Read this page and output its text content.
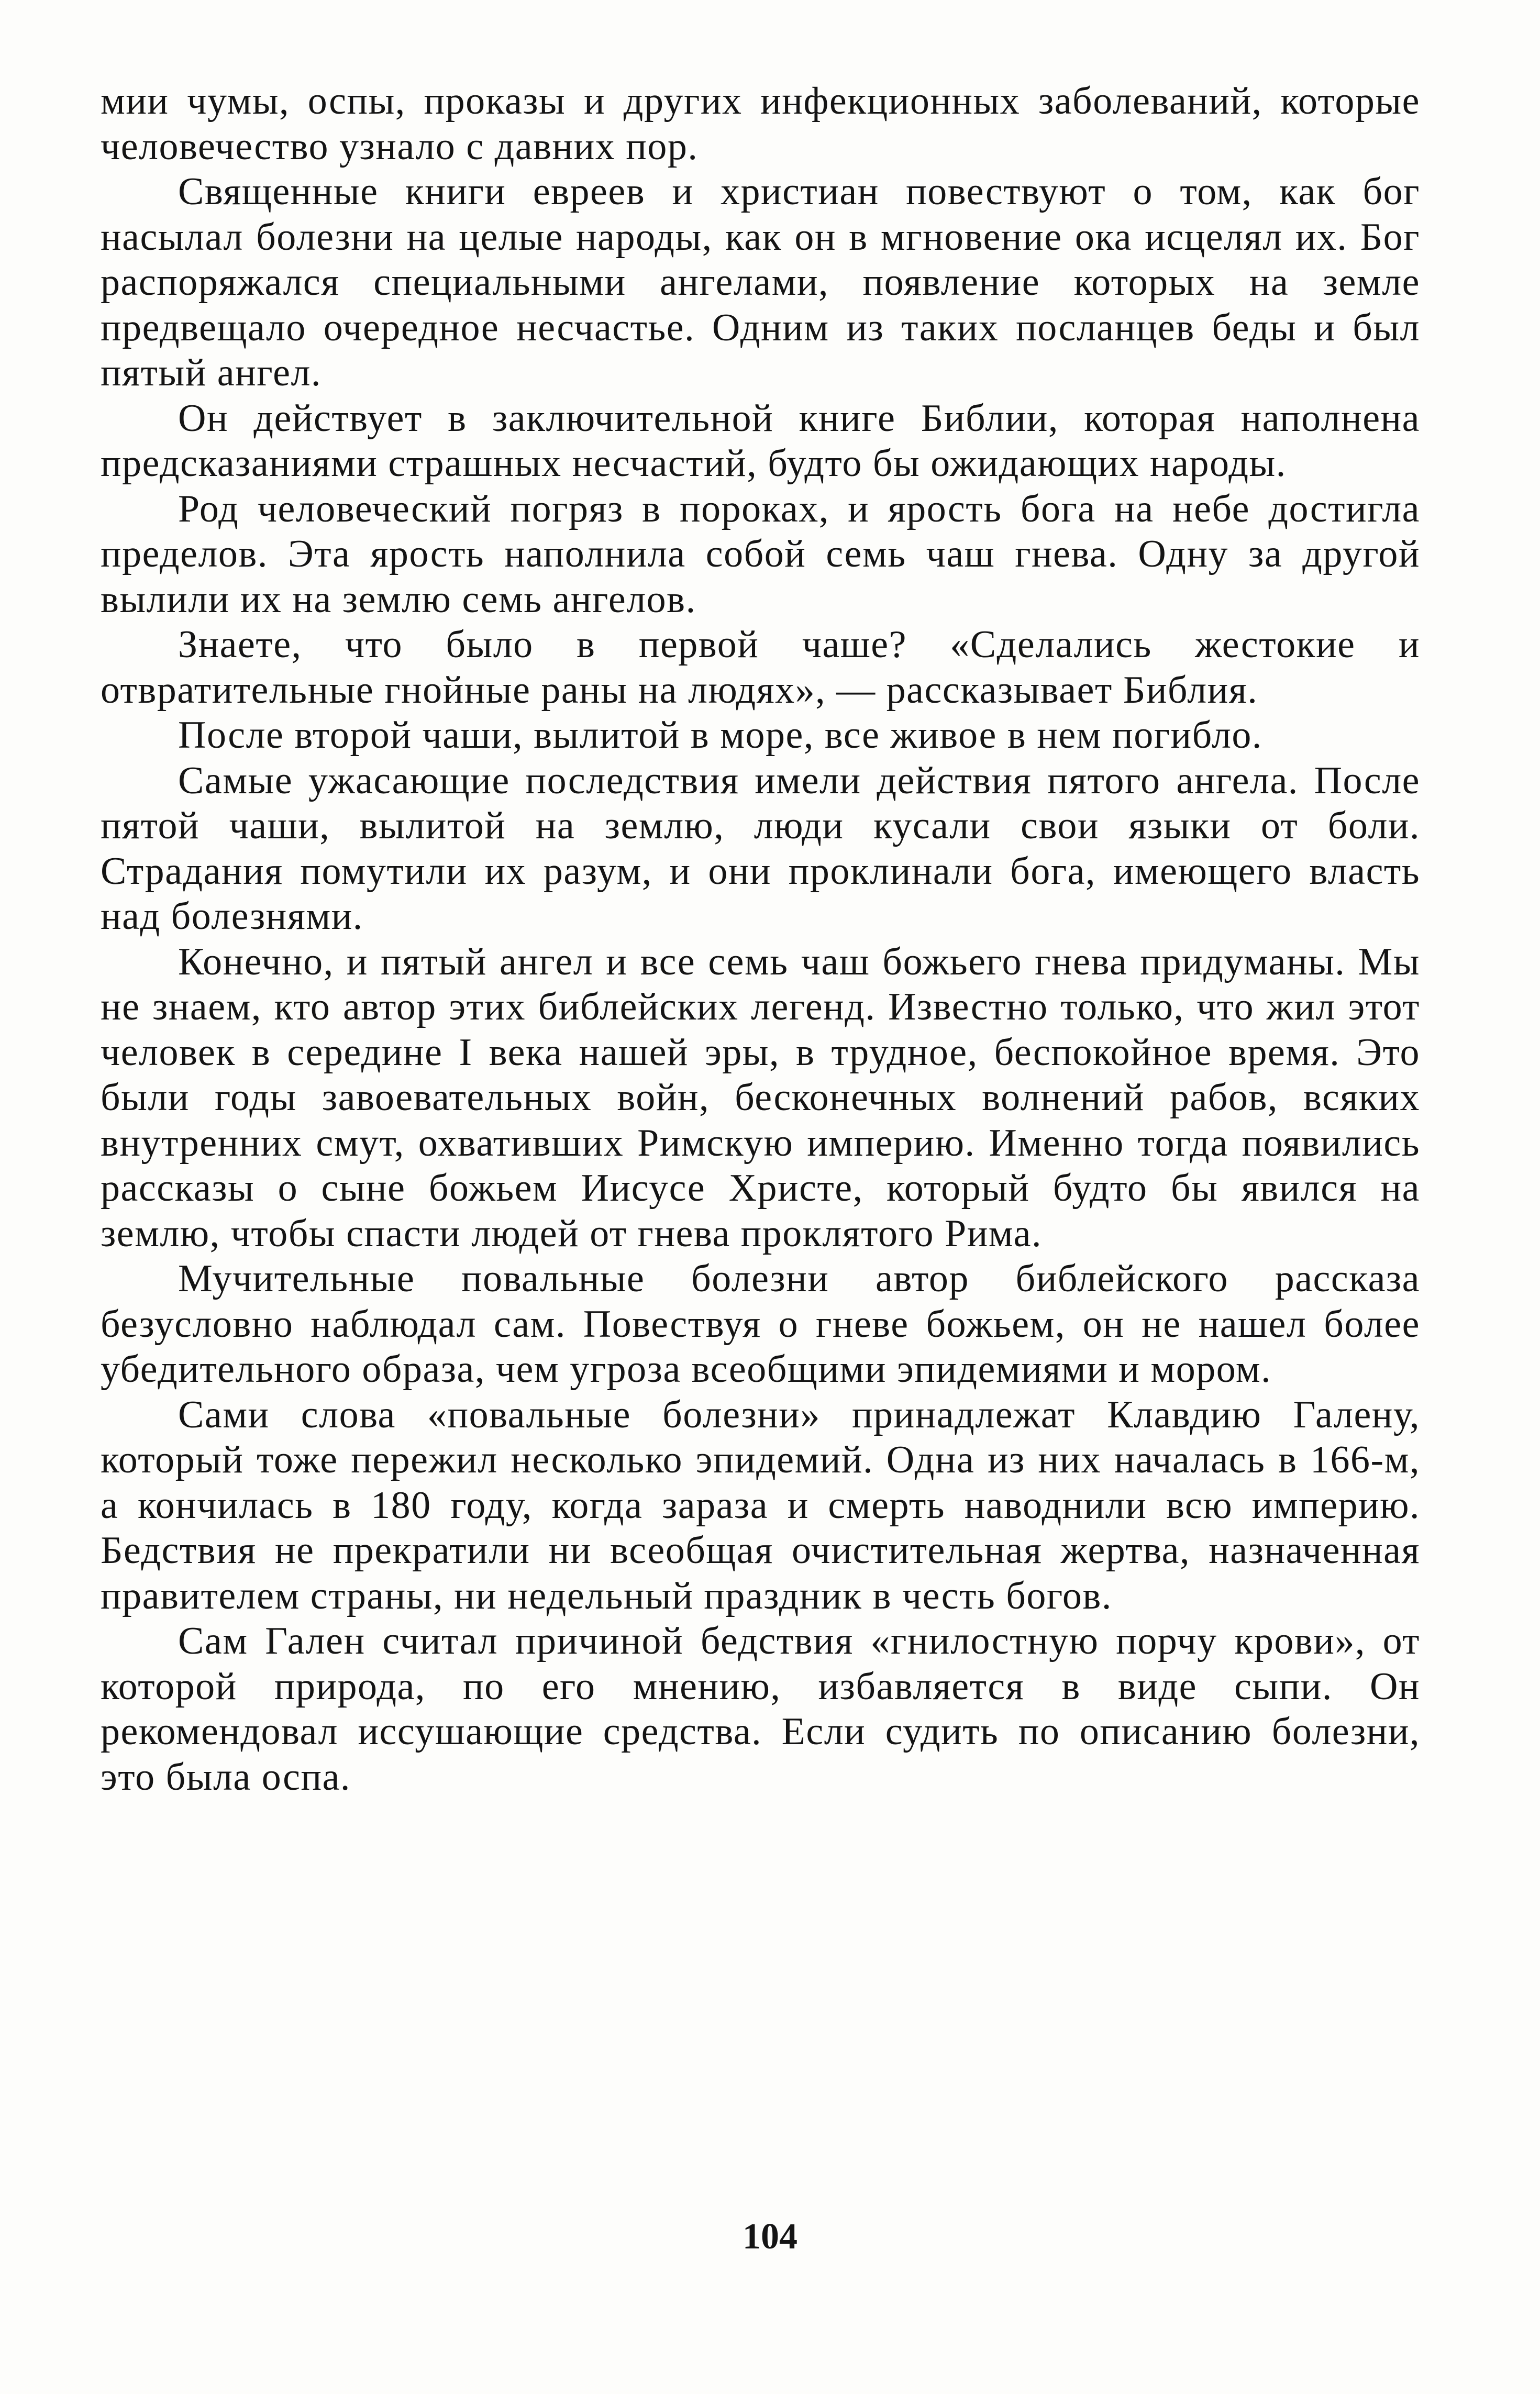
мии чумы, оспы, проказы и других инфекционных заболеваний, которые человечество узнало с давних пор.

Священные книги евреев и христиан повествуют о том, как бог насылал болезни на целые народы, как он в мгновение ока исцелял их. Бог распоряжался специальными ангелами, появление которых на земле предвещало очередное несчастье. Одним из таких посланцев беды и был пятый ангел.

Он действует в заключительной книге Библии, которая наполнена предсказаниями страшных несчастий, будто бы ожидающих народы.

Род человеческий погряз в пороках, и ярость бога на небе достигла пределов. Эта ярость наполнила собой семь чаш гнева. Одну за другой вылили их на землю семь ангелов.

Знаете, что было в первой чаше? «Сделались жестокие и отвратительные гнойные раны на людях», — рассказывает Библия.

После второй чаши, вылитой в море, все живое в нем погибло.

Самые ужасающие последствия имели действия пятого ангела. После пятой чаши, вылитой на землю, люди кусали свои языки от боли. Страдания помутили их разум, и они проклинали бога, имеющего власть над болезнями.

Конечно, и пятый ангел и все семь чаш божьего гнева придуманы. Мы не знаем, кто автор этих библейских легенд. Известно только, что жил этот человек в середине I века нашей эры, в трудное, беспокойное время. Это были годы завоевательных войн, бесконечных волнений рабов, всяких внутренних смут, охвативших Римскую империю. Именно тогда появились рассказы о сыне божьем Иисусе Христе, который будто бы явился на землю, чтобы спасти людей от гнева проклятого Рима.

Мучительные повальные болезни автор библейского рассказа безусловно наблюдал сам. Повествуя о гневе божьем, он не нашел более убедительного образа, чем угроза всеобщими эпидемиями и мором.

Сами слова «повальные болезни» принадлежат Клавдию Галену, который тоже пережил несколько эпидемий. Одна из них началась в 166-м, а кончилась в 180 году, когда зараза и смерть наводнили всю империю. Бедствия не прекратили ни всеобщая очистительная жертва, назначенная правителем страны, ни недельный праздник в честь богов.

Сам Гален считал причиной бедствия «гнилостную порчу крови», от которой природа, по его мнению, избавляется в виде сыпи. Он рекомендовал иссушающие средства. Если судить по описанию болезни, это была оспа.

104
